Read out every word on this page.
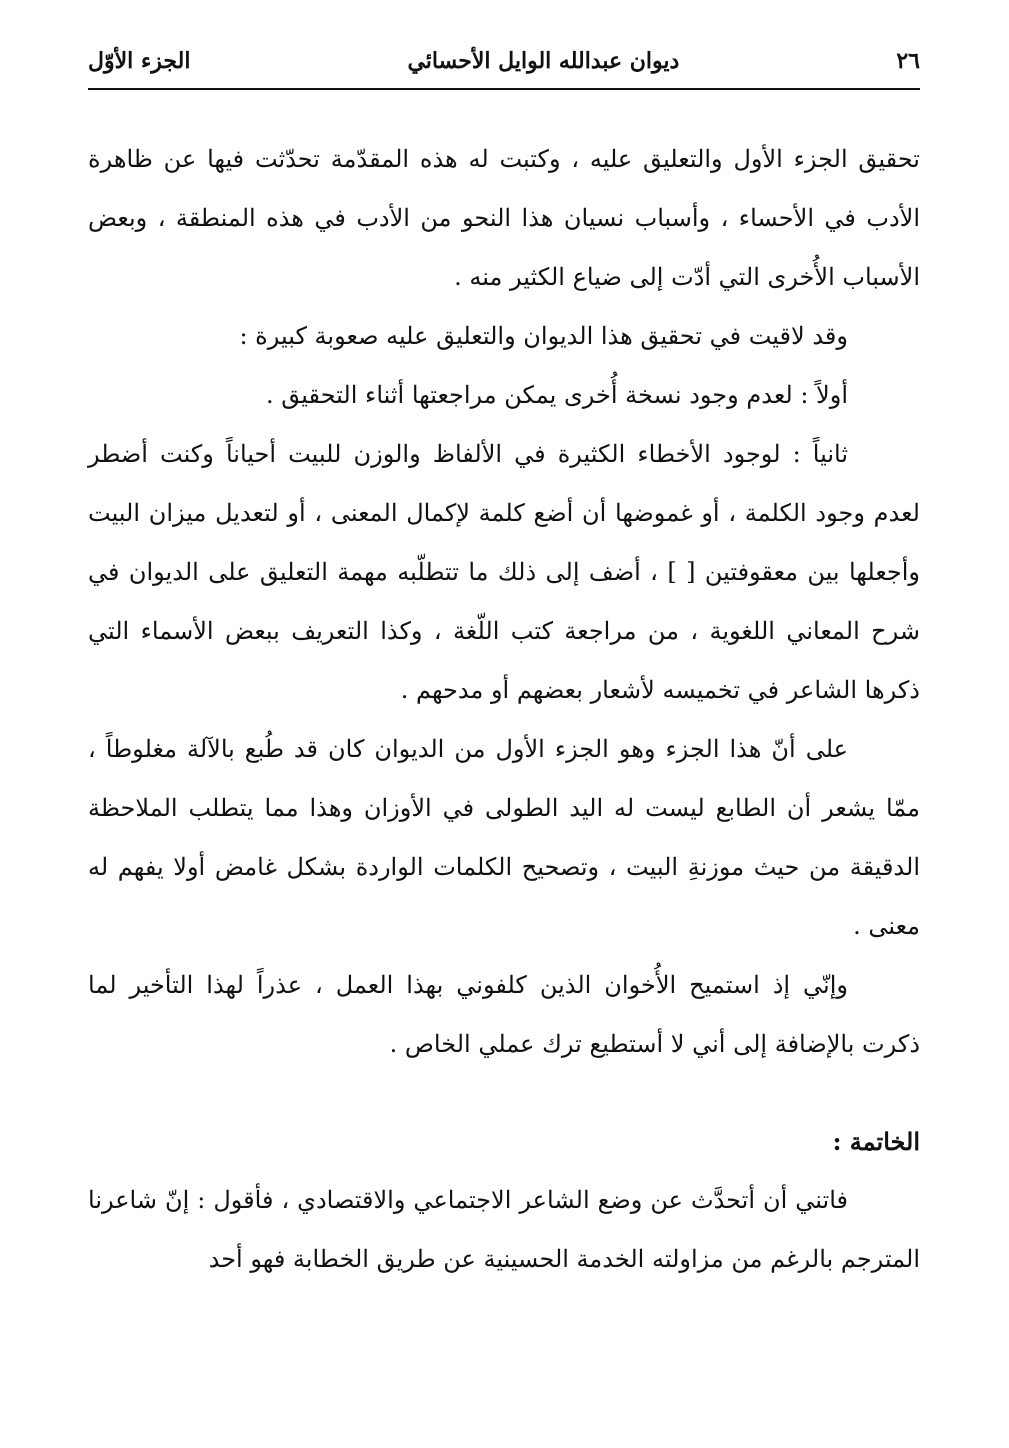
٢٦
ديوان عبدالله الوايل الأحسائي
الجزء الأوّل

تحقيق الجزء الأول والتعليق عليه ، وكتبت له هذه المقدّمة تحدّثت فيها عن ظاهرة الأدب في الأحساء ، وأسباب نسيان هذا النحو من الأدب في هذه المنطقة ، وبعض الأسباب الأُخرى التي أدّت إلى ضياع الكثير منه .

وقد لاقيت في تحقيق هذا الديوان والتعليق عليه صعوبة كبيرة :

أولاً : لعدم وجود نسخة أُخرى يمكن مراجعتها أثناء التحقيق .

ثانياً : لوجود الأخطاء الكثيرة في الألفاظ والوزن للبيت أحياناً وكنت أضطر لعدم وجود الكلمة ، أو غموضها أن أضع كلمة لإكمال المعنى ، أو لتعديل ميزان البيت وأجعلها بين معقوفتين [ ] ، أضف إلى ذلك ما تتطلّبه مهمة التعليق على الديوان في شرح المعاني اللغوية ، من مراجعة كتب اللّغة ، وكذا التعريف ببعض الأسماء التي ذكرها الشاعر في تخميسه لأشعار بعضهم أو مدحهم .

على أنّ هذا الجزء وهو الجزء الأول من الديوان كان قد طُبع بالآلة مغلوطاً ، ممّا يشعر أن الطابع ليست له اليد الطولى في الأوزان وهذا مما يتطلب الملاحظة الدقيقة من حيث موزنةِ البيت ، وتصحيح الكلمات الواردة بشكل غامض أولا يفهم له معنى .

وإنّي إذ استميح الأُخوان الذين كلفوني بهذا العمل ، عذراً لهذا التأخير لما ذكرت بالإضافة إلى أني لا أستطيع ترك عملي الخاص .

الخاتمة :

فاتني أن أتحدَّث عن وضع الشاعر الاجتماعي والاقتصادي ، فأقول : إنّ شاعرنا المترجم بالرغم من مزاولته الخدمة الحسينية عن طريق الخطابة فهو أحد
